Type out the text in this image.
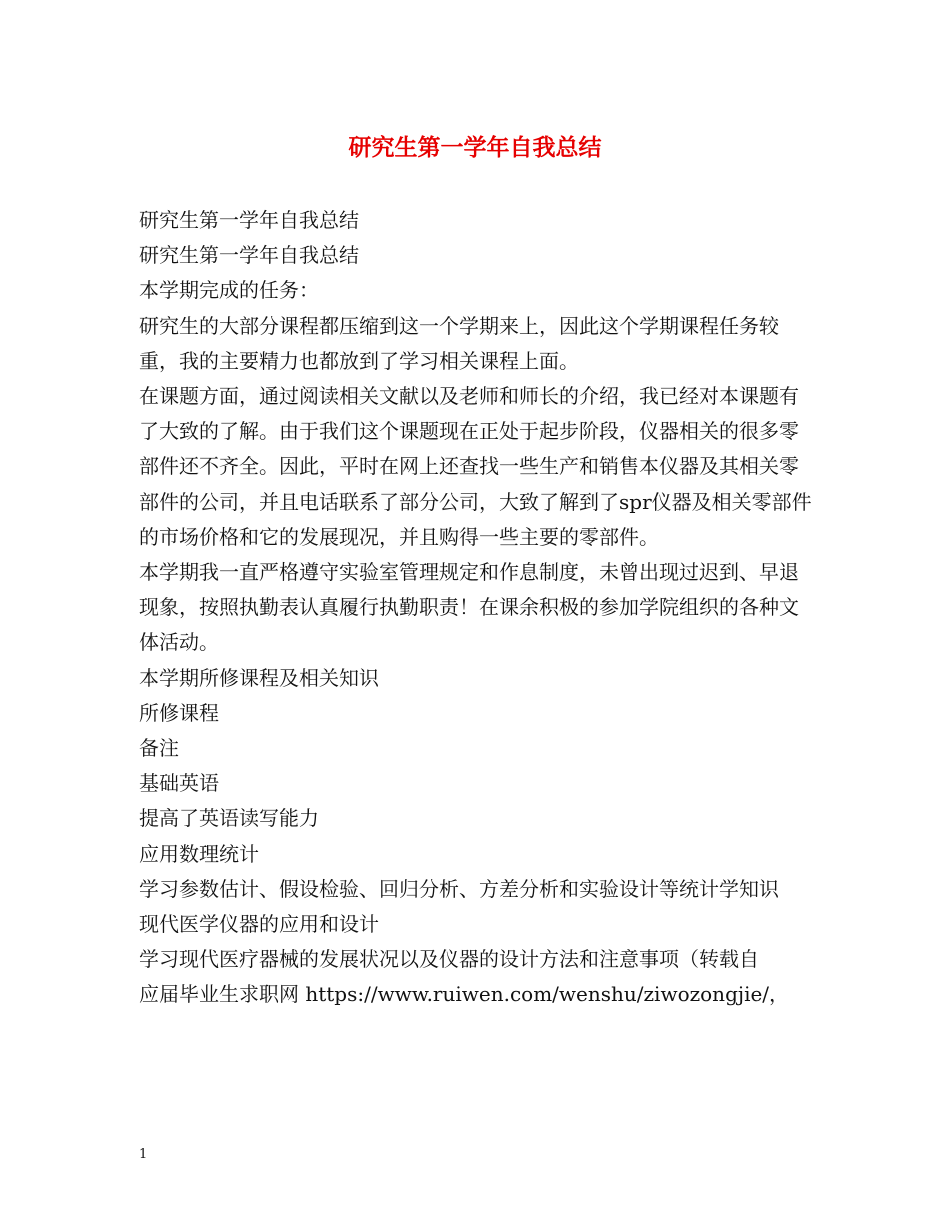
研究生第一学年自我总结

研究生第一学年自我总结

研究生第一学年自我总结

本学期完成的任务：

研究生的大部分课程都压缩到这一个学期来上，因此这个学期课程任务较重，我的主要精力也都放到了学习相关课程上面。

在课题方面，通过阅读相关文献以及老师和师长的介绍，我已经对本课题有了大致的了解。由于我们这个课题现在正处于起步阶段，仪器相关的很多零部件还不齐全。因此，平时在网上还查找一些生产和销售本仪器及其相关零部件的公司，并且电话联系了部分公司，大致了解到了spr仪器及相关零部件的市场价格和它的发展现况，并且购得一些主要的零部件。

本学期我一直严格遵守实验室管理规定和作息制度，未曾出现过迟到、早退现象，按照执勤表认真履行执勤职责！在课余积极的参加学院组织的各种文体活动。

本学期所修课程及相关知识

所修课程

备注

基础英语

提高了英语读写能力

应用数理统计

学习参数估计、假设检验、回归分析、方差分析和实验设计等统计学知识

现代医学仪器的应用和设计

学习现代医疗器械的发展状况以及仪器的设计方法和注意事项（转载自

应届毕业生求职网 https://www.ruiwen.com/wenshu/ziwozongjie/，

1
